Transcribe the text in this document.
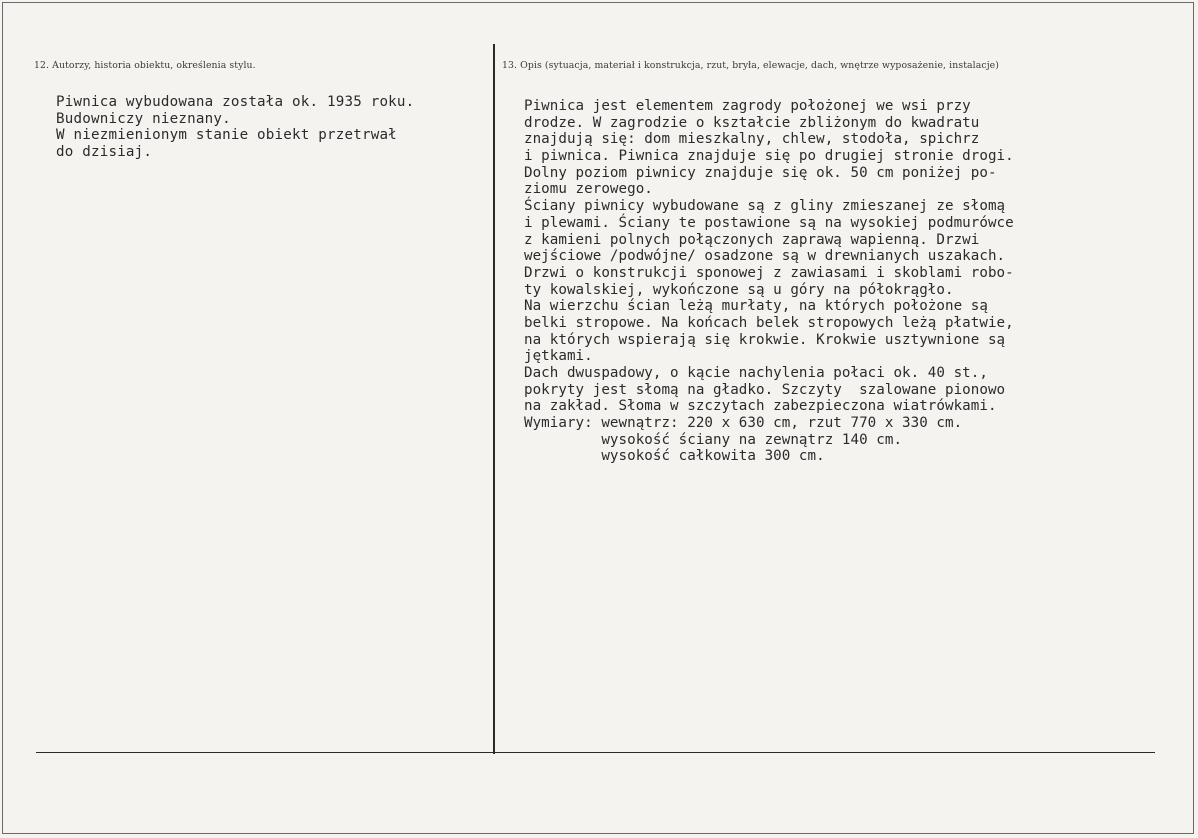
12. Autorzy, historia obiektu, określenia stylu.	13. Opis (sytuacja, materiał i konstrukcja, rzut, bryła, elewacje, dach, wnętrze wyposażenie, instalacje)
Piwnica wybudowana została ok. 1935 roku.
Budowniczy nieznany.
W niezmienionym stanie obiekt przetrwał
do dzisiaj.
Piwnica jest elementem zagrody położonej we wsi przy
drodze. W zagrodzie o kształcie zbliżonym do kwadratu
znajdują się: dom mieszkalny, chlew, stodoła, spichrz
i piwnica. Piwnica znajduje się po drugiej stronie drogi.
Dolny poziom piwnicy znajduje się ok. 50 cm poniżej po-
ziomu zerowego.
Ściany piwnicy wybudowane są z gliny zmieszanej ze słomą
i plewami. Ściany te postawione są na wysokiej podmurówce
z kamieni polnych połączonych zaprawą wapienną. Drzwi
wejściowe /podwójne/ osadzone są w drewnianych uszakach.
Drzwi o konstrukcji sponowej z zawiasami i skoblami robo-
ty kowalskiej, wykończone są u góry na półokrągło.
Na wierzchu ścian leżą murłaty, na których położone są
belki stropowe. Na końcach belek stropowych leżą płatwie,
na których wspierają się krokwie. Krokwie usztywnione są
jętkami.
Dach dwuspadowy, o kącie nachylenia połaci ok. 40 st.,
pokryty jest słomą na gładko. Szczyty  szalowane pionowo
na zakład. Słoma w szczytach zabezpieczona wiatrówkami.
Wymiary: wewnątrz: 220 x 630 cm, rzut 770 x 330 cm.
wysokość ściany na zewnątrz 140 cm.
wysokość całkowita 300 cm.
